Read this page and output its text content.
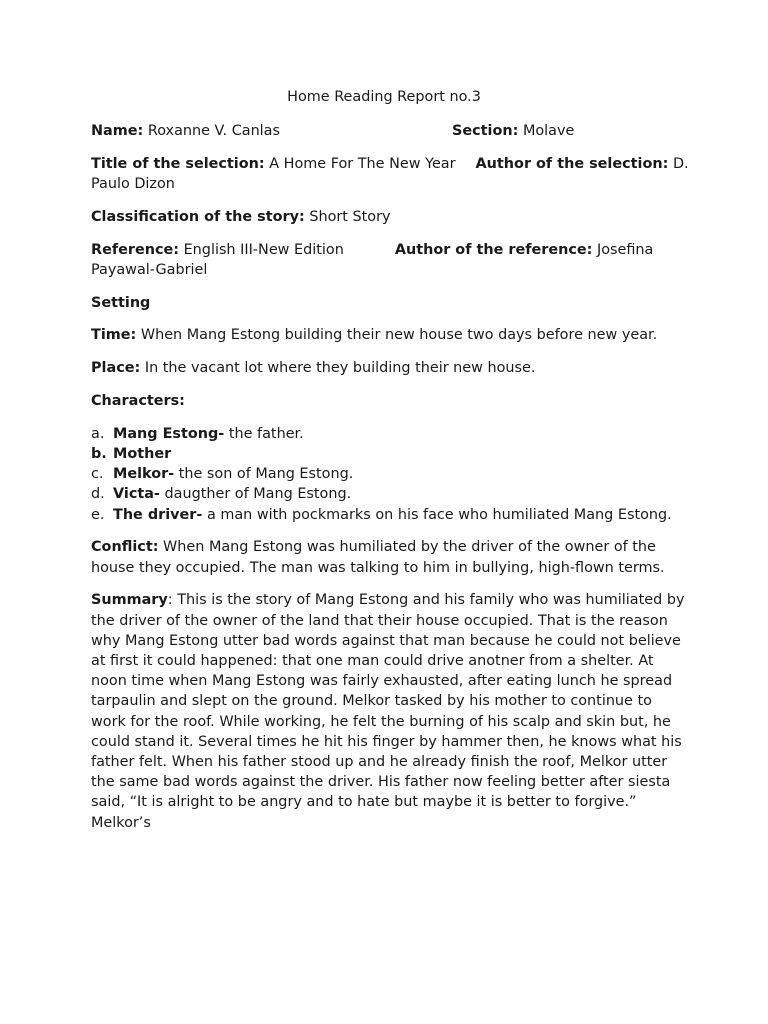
Home Reading Report no.3
Name: Roxanne V. Canlas	Section: Molave
Title of the selection: A Home For The New Year Author of the selection: D. Paulo Dizon
Classification of the story: Short Story
Reference: English III-New Edition	Author of the reference: Josefina Payawal-Gabriel
Setting
Time: When Mang Estong building their new house two days before new year.
Place: In the vacant lot where they building their new house.
Characters:
a. Mang Estong- the father.
b. Mother
c. Melkor- the son of Mang Estong.
d. Victa- daugther of Mang Estong.
e. The driver- a man with pockmarks on his face who humiliated Mang Estong.
Conflict: When Mang Estong was humiliated by the driver of the owner of the house they occupied. The man was talking to him in bullying, high-flown terms.
Summary: This is the story of Mang Estong and his family who was humiliated by the driver of the owner of the land that their house occupied. That is the reason why Mang Estong utter bad words against that man because he could not believe at first it could happened: that one man could drive anotner from a shelter. At noon time when Mang Estong was fairly exhausted, after eating lunch he spread tarpaulin and slept on the ground. Melkor tasked by his mother to continue to work for the roof. While working, he felt the burning of his scalp and skin but, he could stand it. Several times he hit his finger by hammer then, he knows what his father felt. When his father stood up and he already finish the roof, Melkor utter the same bad words against the driver. His father now feeling better after siesta said, “It is alright to be angry and to hate but maybe it is better to forgive.” Melkor’s
